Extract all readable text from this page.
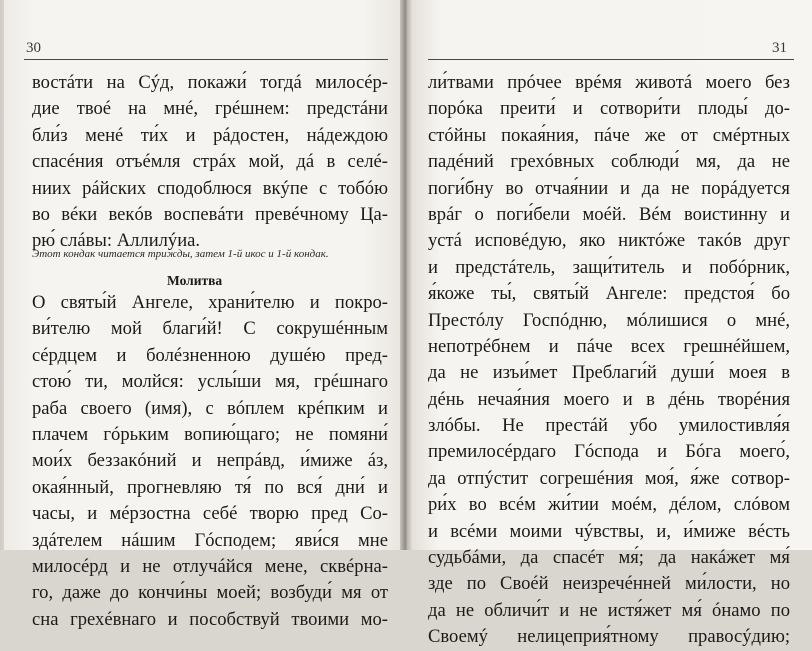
30
востáти на Сýд, покажи́ тогдá милосéр-
дие твоé на мнé, грéшнем: предстáни
бли́з менé ти́х и рáдостен, нáдеждою
спасéния отъéмля стрáх мой, дá в селé-
ниих рáйских сподоблюся вкýпе с тобóю
во вéки векóв воспевáти превéчному Ца-
рю́ слáвы: Аллилýиа.
Этот кондак читается трижды, затем 1-й икос и 1-й кондак.
Молитва
О святы́й Ангеле, хрaни́телю и покро-
ви́телю мой благи́й! С сокрушéнным
сéрдцем и болéзненною душéю пред-
стою́ ти, молйся: услы́ши мя, грéшнаго
раба своего (имя), с вóплем крéпким и
плачем гóрьким вопию́щаго; не помяни́
мои́х беззакóний и непрáвд, и́миже áз,
окая́нный, прогневляю тя́ по вся́ дни́ и
часы, и мéрзостна себé творю пред Со-
здáтелем нáшим Гóсподем; яви́ся мне
милосéрд и не отлучáйся мене, сквéрна-
го, даже до кончи́ны моей; возбуди́ мя от
сна грехéвнаго и пособствуй твоими мо-
31
ли́твами прóчее врéмя животá моего без
порóка преити́ и сотвори́ти плоды́ до-
стóйны покая́ния, пáче же от смéртных
падéний грехóвных соблюди́ мя, да не
поги́бну во отчая́нии и да не порáдуется
врáг о поги́бели моéй. Вéм воистинну и
устá исповéдую, яко никтóже такóв друг
и предстáтель, защи́титель и побóрник,
я́коже ты́, святы́й Ангеле: предстоя́ бо
Престóлу Госпóдню, мóлишися о мнé,
непотрéбнем и пáче всех грешнéйшем,
да не изъи́мет Преблаги́й души́ моея в
дéнь нечая́ния моего и в дéнь творéния
злóбы. Не престáй убо умилостивля́я
премилосéрдаго Гóспода и Бóга моего́,
да отпýстит согрешéния моя́, я́же сотвор-
ри́х во всéм жи́тии моéм, дéлом, слóвом
и всéми моими чýвствы, и, и́миже вéсть
судьбáми, да спасéт мя́; да накáжет мя́
зде по Своéй неизречéнней ми́лости, но
да не обличи́т и не истя́жет мя́ óнамо по
Своемý нелицеприя́тному правосýдию;
